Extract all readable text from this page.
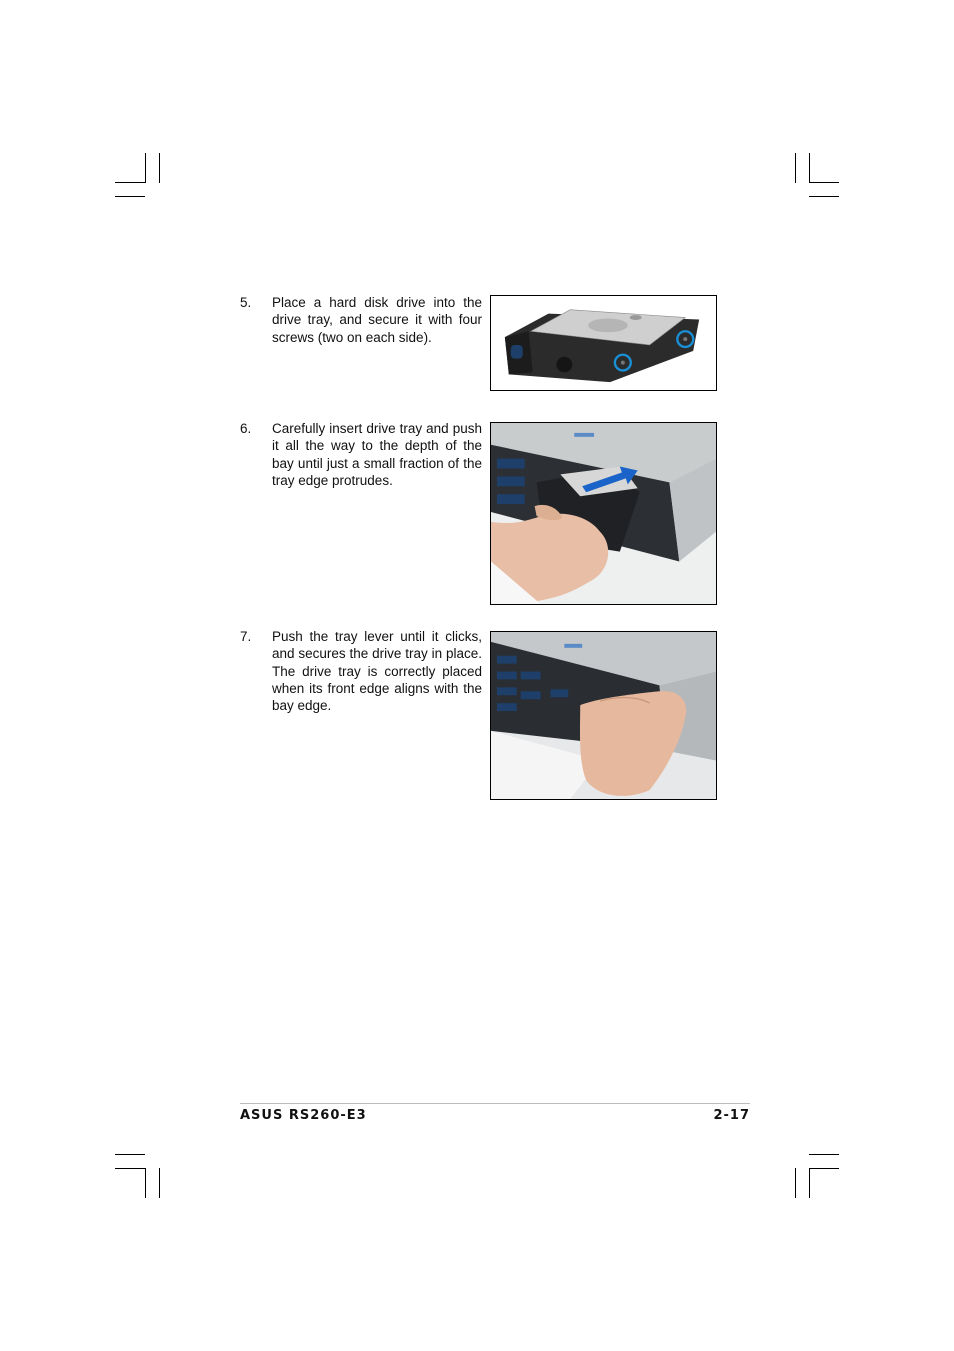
5. Place a hard disk drive into the drive tray, and secure it with four screws (two on each side).
6. Carefully insert drive tray and push it all the way to the depth of the bay until just a small fraction of the tray edge protrudes.
7. Push the tray lever until it clicks, and secures the drive tray in place. The drive tray is correctly placed when its front edge aligns with the bay edge.
ASUS RS260-E3	2-17
